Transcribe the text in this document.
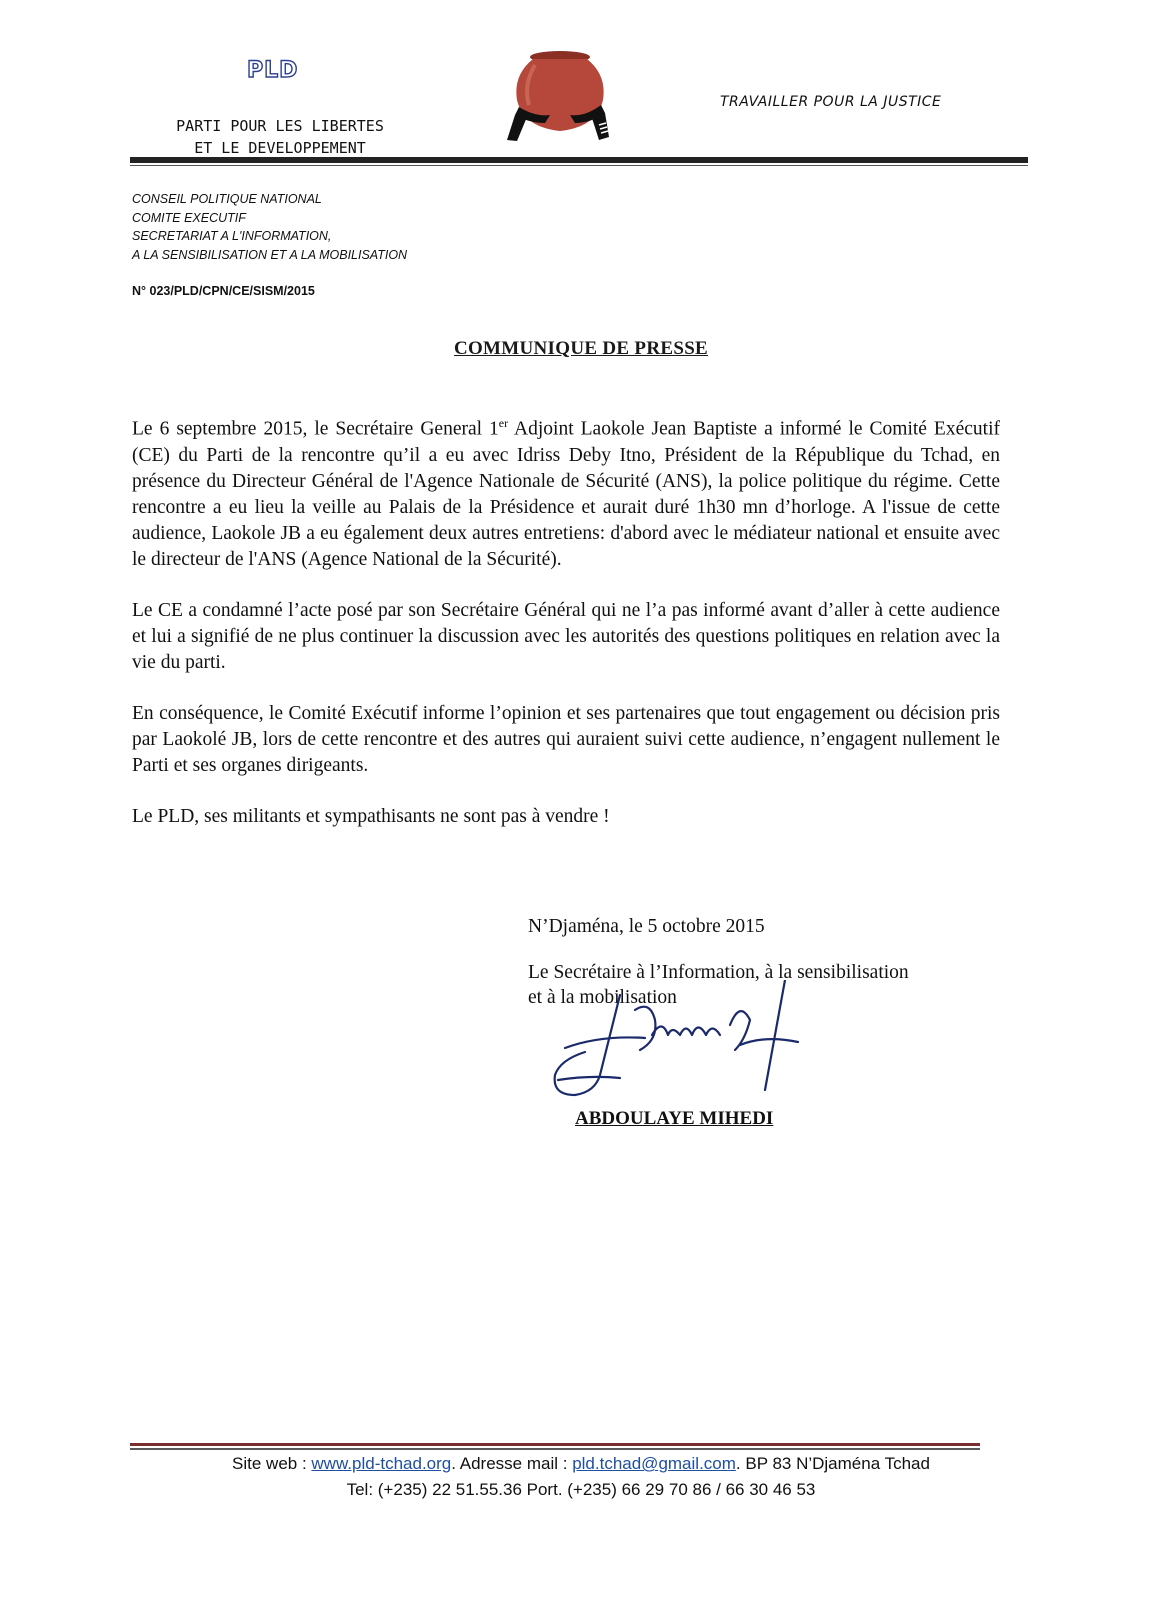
PLD
PARTI POUR LES LIBERTES
ET LE DEVELOPPEMENT
TRAVAILLER POUR LA JUSTICE
CONSEIL POLITIQUE NATIONAL
COMITE EXECUTIF
SECRETARIAT A L'INFORMATION,
A LA SENSIBILISATION ET A LA MOBILISATION
N° 023/PLD/CPN/CE/SISM/2015
COMMUNIQUE DE PRESSE

Le 6 septembre 2015, le Secrétaire General 1er Adjoint Laokole Jean Baptiste a informé le Comité Exécutif (CE) du Parti de la rencontre qu’il a eu avec Idriss Deby Itno, Président de la République du Tchad, en présence du Directeur Général de l'Agence Nationale de Sécurité (ANS), la police politique du régime. Cette rencontre a eu lieu la veille au Palais de la Présidence et aurait duré 1h30 mn d’horloge. A l'issue de cette audience, Laokole JB a eu également deux autres entretiens: d'abord avec le médiateur national et ensuite avec le directeur de l'ANS (Agence National de la Sécurité).

Le CE a condamné l’acte posé par son Secrétaire Général qui ne l’a pas informé avant d’aller à cette audience et lui a signifié de ne plus continuer la discussion avec les autorités des questions politiques en relation avec la vie du parti.

En conséquence, le Comité Exécutif informe l’opinion et ses partenaires que tout engagement ou décision pris par Laokolé JB, lors de cette rencontre et des autres qui auraient suivi cette audience, n’engagent nullement le Parti et ses organes dirigeants.

Le PLD, ses militants et sympathisants ne sont pas à vendre !

N’Djaména, le 5 octobre 2015
Le Secrétaire à l’Information, à la sensibilisation
et à la mobilisation
ABDOULAYE MIHEDI
Site web : www.pld-tchad.org. Adresse mail : pld.tchad@gmail.com. BP 83 N’Djaména Tchad
Tel: (+235) 22 51.55.36 Port. (+235) 66 29 70 86 / 66 30 46 53
